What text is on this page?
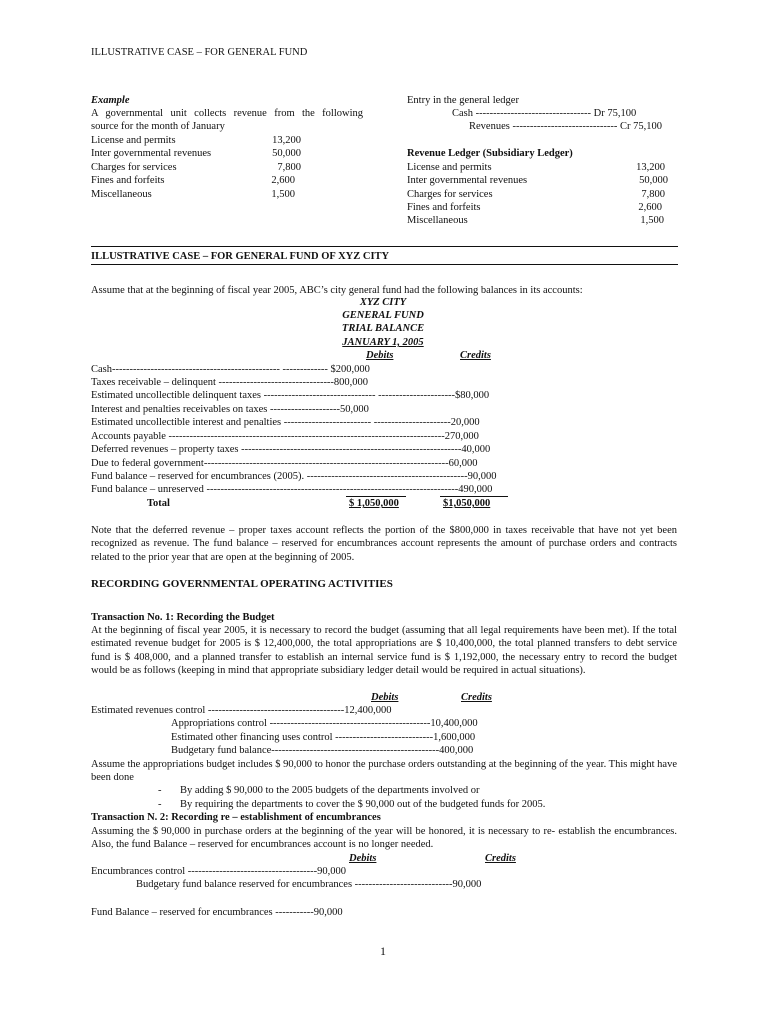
ILLUSTRATIVE CASE – FOR GENERAL FUND
Example
A governmental unit collects revenue from the following
source for the month of January
License and permits	13,200
Inter governmental revenues	50,000
Charges for services	7,800
Fines and forfeits	2,600
Miscellaneous	1,500
Entry in the general ledger
Cash --------------------------------- Dr 75,100
Revenues ------------------------------ Cr 75,100
Revenue Ledger (Subsidiary Ledger)
License and permits	13,200
Inter governmental revenues	50,000
Charges for services	7,800
Fines and forfeits	2,600
Miscellaneous	1,500
ILLUSTRATIVE CASE – FOR GENERAL FUND OF XYZ CITY
Assume that at the beginning of fiscal year 2005, ABC’s city general fund had the following balances in its accounts:
XYZ CITY
GENERAL FUND
TRIAL BALANCE
JANUARY 1, 2005
Debits	Credits
Cash------------------------------------------------ ------------- $200,000
Taxes receivable – delinquent ---------------------------------800,000
Estimated uncollectible delinquent taxes -------------------------------- ----------------------$80,000
Interest and penalties receivables on taxes --------------------50,000
Estimated uncollectible interest and penalties ------------------------- ----------------------20,000
Accounts payable -------------------------------------------------------------------------------270,000
Deferred revenues – property taxes ---------------------------------------------------------------40,000
Due to federal government----------------------------------------------------------------------60,000
Fund balance – reserved for encumbrances (2005). ----------------------------------------------90,000
Fund balance – unreserved ------------------------------------------------------------------------490,000
Total	$ 1,050,000	$1,050,000
Note that the deferred revenue – proper taxes account reflects the portion of the $800,000 in taxes receivable that have not yet been recognized as revenue. The fund balance – reserved for encumbrances account represents the amount of purchase orders and contracts related to the prior year that are open at the beginning of 2005.
RECORDING GOVERNMENTAL OPERATING ACTIVITIES
Transaction No. 1: Recording the Budget
At the beginning of fiscal year 2005, it is necessary to record the budget (assuming that all legal requirements have been met). If the total estimated revenue budget for 2005 is $ 12,400,000, the total appropriations are $ 10,400,000, the total planned transfers to debt service fund is $ 408,000, and a planned transfer to establish an internal service fund is $ 1,192,000, the necessary entry to record the budget would be as follows (keeping in mind that appropriate subsidiary ledger detail would be required in actual situations).
Debits	Credits
Estimated revenues control ---------------------------------------12,400,000
Appropriations control ----------------------------------------------10,400,000
Estimated other financing uses control ----------------------------1,600,000
Budgetary fund balance------------------------------------------------400,000
Assume the appropriations budget includes $ 90,000 to honor the purchase orders outstanding at the beginning of the year. This might have been done
- By adding $ 90,000 to the 2005 budgets of the departments involved or
- By requiring the departments to cover the $ 90,000 out of the budgeted funds for 2005.
Transaction N. 2: Recording re – establishment of encumbrances
Assuming the $ 90,000 in purchase orders at the beginning of the year will be honored, it is necessary to re- establish the encumbrances. Also, the fund Balance – reserved for encumbrances account is no longer needed.
Debits	Credits
Encumbrances control -------------------------------------90,000
Budgetary fund balance reserved for encumbrances ----------------------------90,000
Fund Balance – reserved for encumbrances -----------90,000
1
